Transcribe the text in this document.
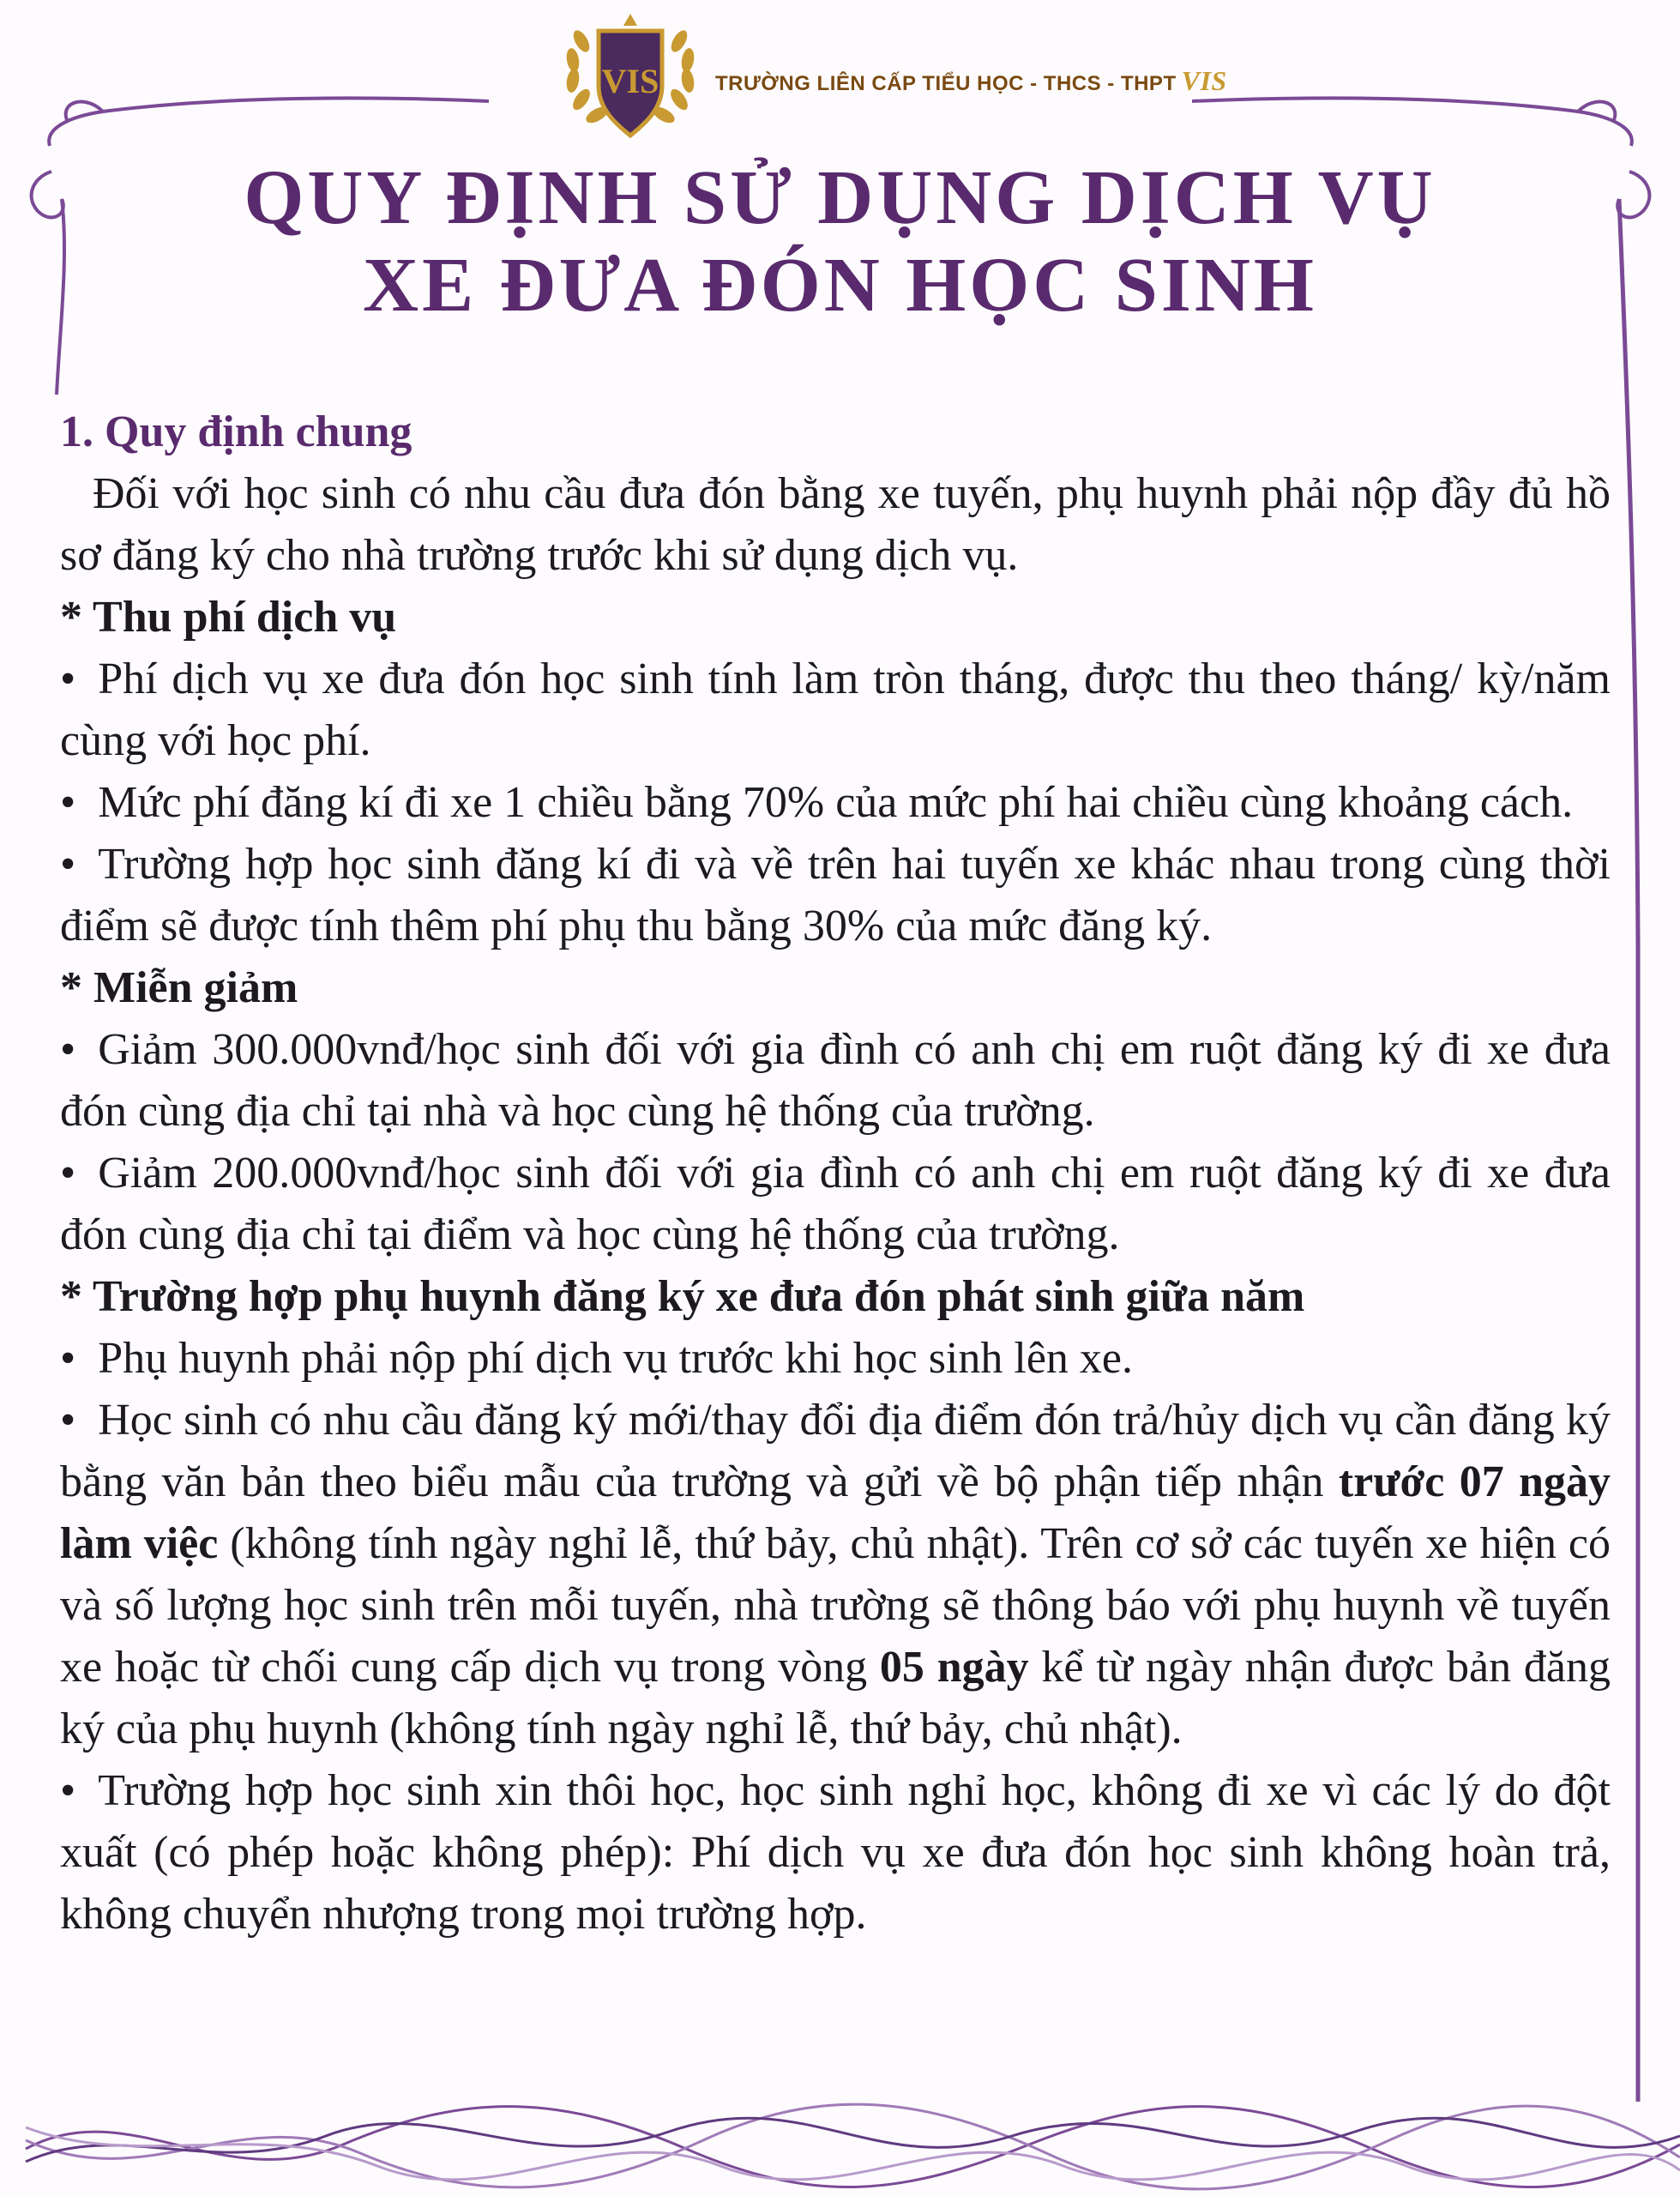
VIS	TRƯỜNG LIÊN CẤP TIỂU HỌC - THCS - THPT VIS
QUY ĐỊNH SỬ DỤNG DỊCH VỤ
XE ĐƯA ĐÓN HỌC SINH

1. Quy định chung

Đối với học sinh có nhu cầu đưa đón bằng xe tuyến, phụ huynh phải nộp đầy đủ hồ sơ đăng ký cho nhà trường trước khi sử dụng dịch vụ.

* Thu phí dịch vụ

• Phí dịch vụ xe đưa đón học sinh tính làm tròn tháng, được thu theo tháng/ kỳ/năm cùng với học phí.

• Mức phí đăng kí đi xe 1 chiều bằng 70% của mức phí hai chiều cùng khoảng cách.

• Trường hợp học sinh đăng kí đi và về trên hai tuyến xe khác nhau trong cùng thời điểm sẽ được tính thêm phí phụ thu bằng 30% của mức đăng ký.

* Miễn giảm

• Giảm 300.000vnđ/học sinh đối với gia đình có anh chị em ruột đăng ký đi xe đưa đón cùng địa chỉ tại nhà và học cùng hệ thống của trường.

• Giảm 200.000vnđ/học sinh đối với gia đình có anh chị em ruột đăng ký đi xe đưa đón cùng địa chỉ tại điểm và học cùng hệ thống của trường.

* Trường hợp phụ huynh đăng ký xe đưa đón phát sinh giữa năm

• Phụ huynh phải nộp phí dịch vụ trước khi học sinh lên xe.

• Học sinh có nhu cầu đăng ký mới/thay đổi địa điểm đón trả/hủy dịch vụ cần đăng ký bằng văn bản theo biểu mẫu của trường và gửi về bộ phận tiếp nhận trước 07 ngày làm việc (không tính ngày nghỉ lễ, thứ bảy, chủ nhật). Trên cơ sở các tuyến xe hiện có và số lượng học sinh trên mỗi tuyến, nhà trường sẽ thông báo với phụ huynh về tuyến xe hoặc từ chối cung cấp dịch vụ trong vòng 05 ngày kể từ ngày nhận được bản đăng ký của phụ huynh (không tính ngày nghỉ lễ, thứ bảy, chủ nhật).

• Trường hợp học sinh xin thôi học, học sinh nghỉ học, không đi xe vì các lý do đột xuất (có phép hoặc không phép): Phí dịch vụ xe đưa đón học sinh không hoàn trả, không chuyển nhượng trong mọi trường hợp.
